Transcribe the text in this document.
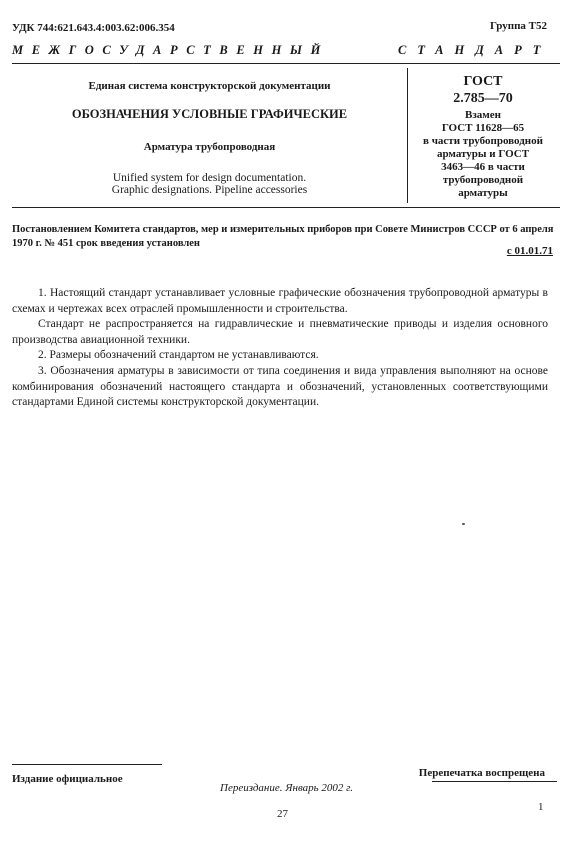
УДК 744:621.643.4:003.62:006.354	Группа Т52
МЕЖГОСУДАРСТВЕННЫЙ	СТАНДАРТ
Единая система конструкторской документации
ОБОЗНАЧЕНИЯ УСЛОВНЫЕ ГРАФИЧЕСКИЕ
Арматура трубопроводная
Unified system for design documentation.
Graphic designations. Pipeline accessories
ГОСТ
2.785—70
Взамен
ГОСТ 11628—65
в части трубопроводной
арматуры и ГОСТ
3463—46 в части
трубопроводной
арматуры
Постановлением Комитета стандартов, мер и измерительных приборов при Совете Министров СССР от 6 апреля 1970 г. № 451 срок введения установлен
с 01.01.71

1. Настоящий стандарт устанавливает условные графические обозначения трубопроводной арматуры в схемах и чертежах всех отраслей промышленности и строительства.

Стандарт не распространяется на гидравлические и пневматические приводы и изделия основного производства авиационной техники.

2. Размеры обозначений стандартом не устанавливаются.

3. Обозначения арматуры в зависимости от типа соединения и вида управления выполняют на основе комбинирования обозначений настоящего стандарта и обозначений, установленных соответствующими стандартами Единой системы конструкторской документации.

Издание официальное	Перепечатка воспрещена
Переиздание. Январь 2002 г.
27
1
